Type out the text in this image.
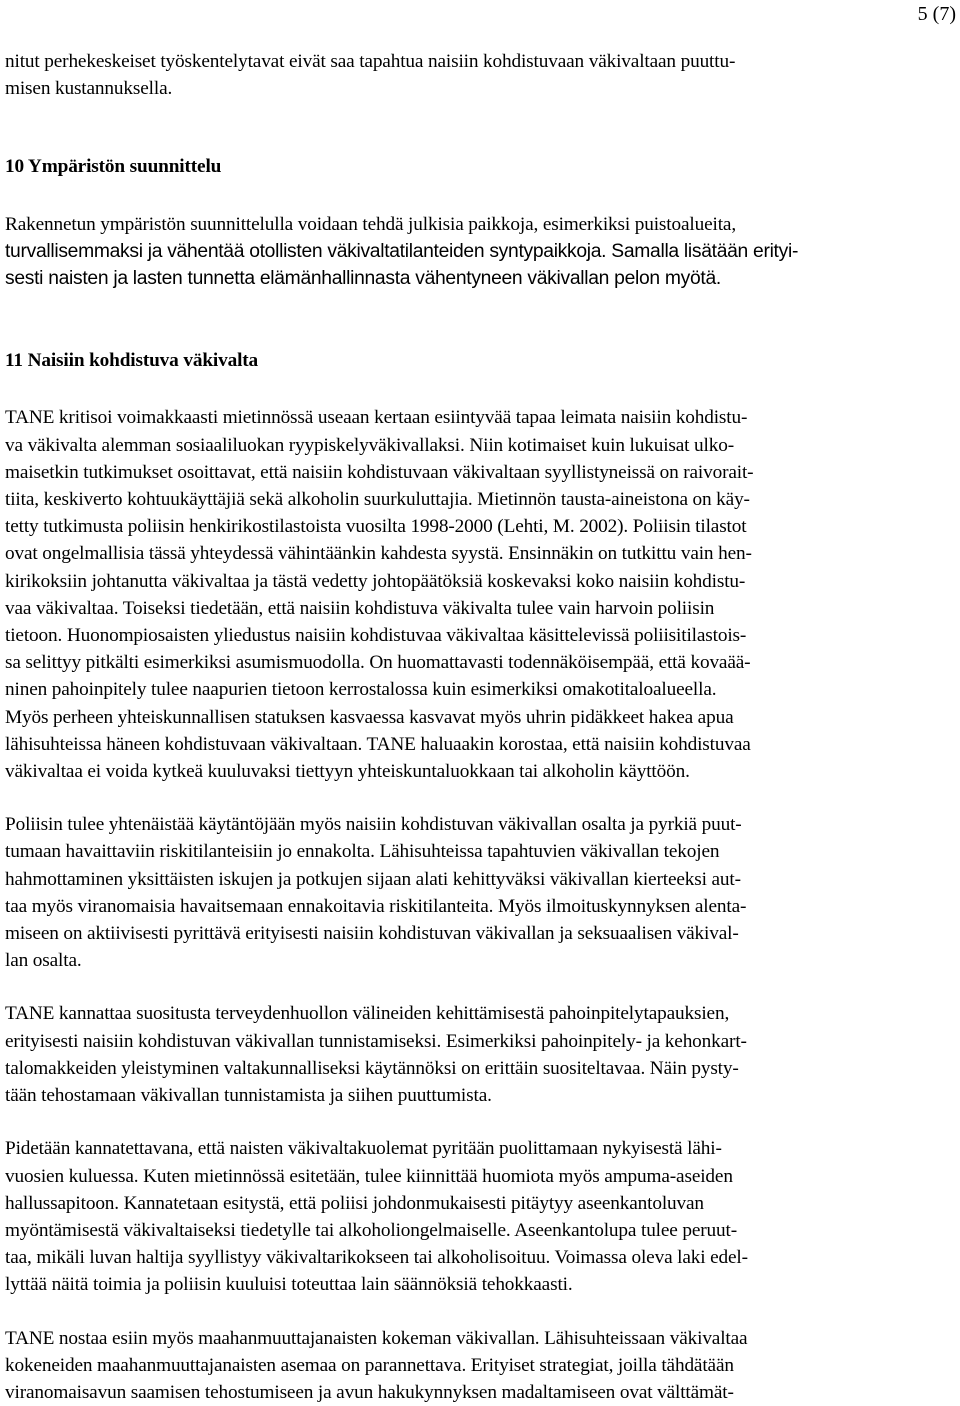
5 (7)
nitut perhekeskeiset työskentelytavat eivät saa tapahtua naisiin kohdistuvaan väkivaltaan puuttu-
misen kustannuksella.
10 Ympäristön suunnittelu
Rakennetun ympäristön suunnittelulla voidaan tehdä julkisia paikkoja, esimerkiksi puistoalueita,
turvallisemmaksi ja vähentää otollisten väkivaltatilanteiden syntypaikkoja. Samalla lisätään erityi-
sesti naisten ja lasten tunnetta elämänhallinnasta vähentyneen väkivallan pelon myötä.
11 Naisiin kohdistuva väkivalta
TANE kritisoi voimakkaasti mietinnössä useaan kertaan esiintyvää tapaa leimata naisiin kohdistu-
va väkivalta alemman sosiaaliluokan ryypiskelyväkivallaksi. Niin kotimaiset kuin lukuisat ulko-
maisetkin tutkimukset osoittavat, että naisiin kohdistuvaan väkivaltaan syyllistyneissä on raivorait-
tiita, keskiverto kohtuukäyttäjiä sekä alkoholin suurkuluttajia. Mietinnön tausta-aineistona on käy-
tetty tutkimusta poliisin henkirikostilastoista vuosilta 1998-2000 (Lehti, M. 2002). Poliisin tilastot
ovat ongelmallisia tässä yhteydessä vähintäänkin kahdesta syystä. Ensinnäkin on tutkittu vain hen-
kirikoksiin johtanutta väkivaltaa ja tästä vedetty johtopäätöksiä koskevaksi koko naisiin kohdistu-
vaa väkivaltaa. Toiseksi tiedetään, että naisiin kohdistuva väkivalta tulee vain harvoin poliisin
tietoon. Huonompiosaisten yliedustus naisiin kohdistuvaa väkivaltaa käsittelevissä poliisitilastois-
sa selittyy pitkälti esimerkiksi asumismuodolla. On huomattavasti todennäköisempää, että kovaää-
ninen pahoinpitely tulee naapurien tietoon kerrostalossa kuin esimerkiksi omakotitaloalueella.
Myös perheen yhteiskunnallisen statuksen kasvaessa kasvavat myös uhrin pidäkkeet hakea apua
lähisuhteissa häneen kohdistuvaan väkivaltaan. TANE haluaakin korostaa, että naisiin kohdistuvaa
väkivaltaa ei voida kytkeä kuuluvaksi tiettyyn yhteiskuntaluokkaan tai alkoholin käyttöön.
Poliisin tulee yhtenäistää käytäntöjään myös naisiin kohdistuvan väkivallan osalta ja pyrkiä puut-
tumaan havaittaviin riskitilanteisiin jo ennakolta. Lähisuhteissa tapahtuvien väkivallan tekojen
hahmottaminen yksittäisten iskujen ja potkujen sijaan alati kehittyväksi väkivallan kierteeksi aut-
taa myös viranomaisia havaitsemaan ennakoitavia riskitilanteita. Myös ilmoituskynnyksen alenta-
miseen on aktiivisesti pyrittävä erityisesti naisiin kohdistuvan väkivallan ja seksuaalisen väkival-
lan osalta.
TANE kannattaa suositusta terveydenhuollon välineiden kehittämisestä pahoinpitelytapauksien,
erityisesti naisiin kohdistuvan väkivallan tunnistamiseksi. Esimerkiksi pahoinpitely- ja kehonkart-
talomakkeiden yleistyminen valtakunnalliseksi käytännöksi on erittäin suositeltavaa. Näin pysty-
tään tehostamaan väkivallan tunnistamista ja siihen puuttumista.
Pidetään kannatettavana, että naisten väkivaltakuolemat pyritään puolittamaan nykyisestä lähi-
vuosien kuluessa. Kuten mietinnössä esitetään, tulee kiinnittää huomiota myös ampuma-aseiden
hallussapitoon. Kannatetaan esitystä, että poliisi johdonmukaisesti pitäytyy aseenkantoluvan
myöntämisestä väkivaltaiseksi tiedetylle tai alkoholiongelmaiselle. Aseenkantolupa tulee peruut-
taa, mikäli luvan haltija syyllistyy väkivaltarikokseen tai alkoholisoituu. Voimassa oleva laki edel-
lyttää näitä toimia ja poliisin kuuluisi toteuttaa lain säännöksiä tehokkaasti.
TANE nostaa esiin myös maahanmuuttajanaisten kokeman väkivallan. Lähisuhteissaan väkivaltaa
kokeneiden maahanmuuttajanaisten asemaa on parannettava. Erityiset strategiat, joilla tähdätään
viranomaisavun saamisen tehostumiseen ja avun hakukynnyksen madaltamiseen ovat välttämät-
